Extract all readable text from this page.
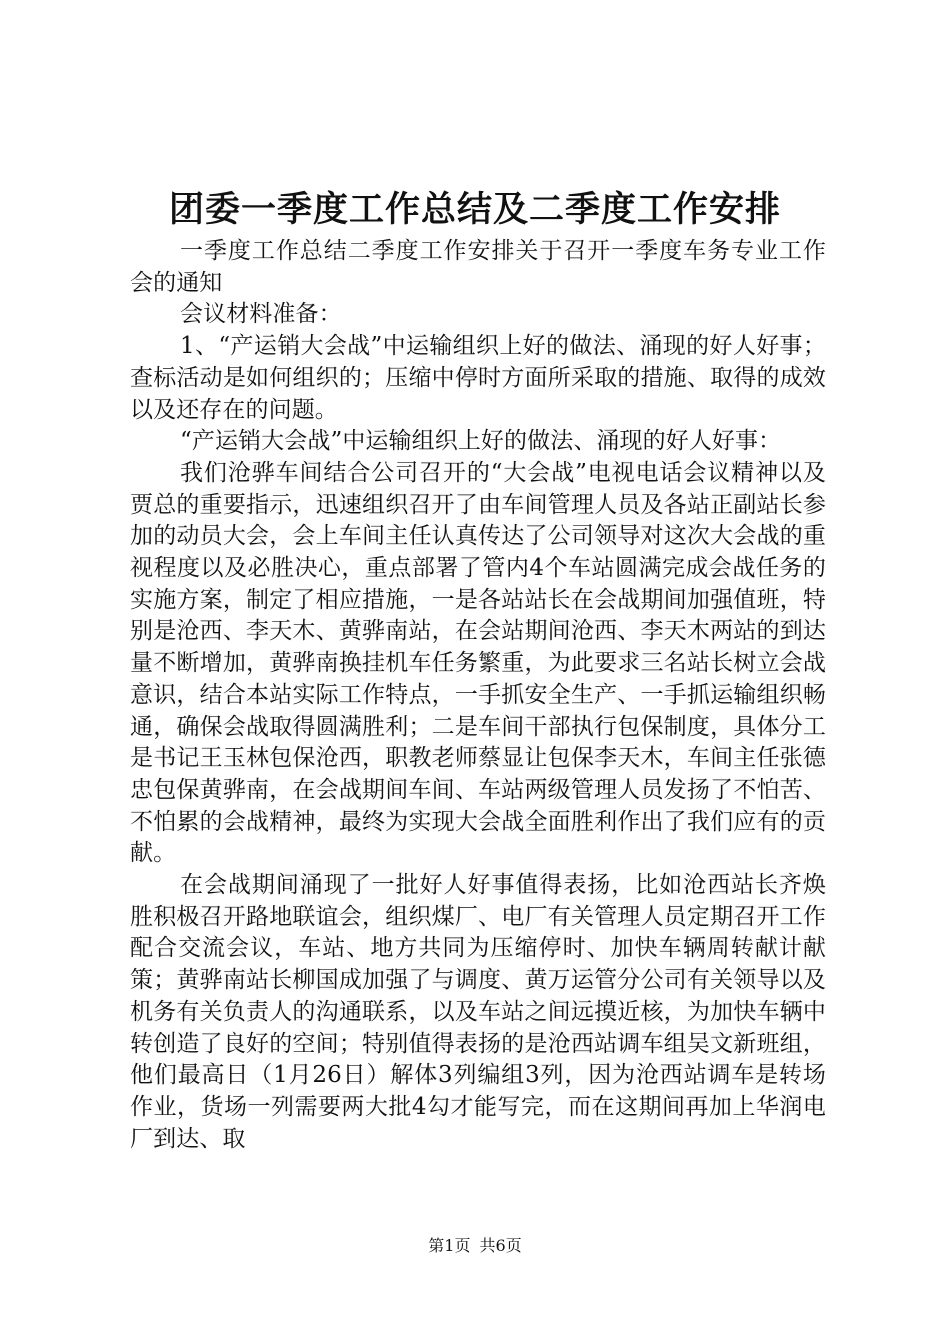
团委一季度工作总结及二季度工作安排

一季度工作总结二季度工作安排关于召开一季度车务专业工作会的通知

会议材料准备：

1、“产运销大会战”中运输组织上好的做法、涌现的好人好事；查标活动是如何组织的；压缩中停时方面所采取的措施、取得的成效以及还存在的问题。

“产运销大会战”中运输组织上好的做法、涌现的好人好事：

我们沧骅车间结合公司召开的“大会战”电视电话会议精神以及贾总的重要指示，迅速组织召开了由车间管理人员及各站正副站长参加的动员大会，会上车间主任认真传达了公司领导对这次大会战的重视程度以及必胜决心，重点部署了管内4个车站圆满完成会战任务的实施方案，制定了相应措施，一是各站站长在会战期间加强值班，特别是沧西、李天木、黄骅南站，在会站期间沧西、李天木两站的到达量不断增加，黄骅南换挂机车任务繁重，为此要求三名站长树立会战意识，结合本站实际工作特点，一手抓安全生产、一手抓运输组织畅通，确保会战取得圆满胜利；二是车间干部执行包保制度，具体分工是书记王玉林包保沧西，职教老师蔡显让包保李天木，车间主任张德忠包保黄骅南，在会战期间车间、车站两级管理人员发扬了不怕苦、不怕累的会战精神，最终为实现大会战全面胜利作出了我们应有的贡献。

在会战期间涌现了一批好人好事值得表扬，比如沧西站长齐焕胜积极召开路地联谊会，组织煤厂、电厂有关管理人员定期召开工作配合交流会议，车站、地方共同为压缩停时、加快车辆周转献计献策；黄骅南站长柳国成加强了与调度、黄万运管分公司有关领导以及机务有关负责人的沟通联系，以及车站之间远摸近核，为加快车辆中转创造了良好的空间；特别值得表扬的是沧西站调车组吴文新班组，他们最高日（1月26日）解体3列编组3列，因为沧西站调车是转场作业，货场一列需要两大批4勾才能写完，而在这期间再加上华润电厂到达、取

第1页 共6页
